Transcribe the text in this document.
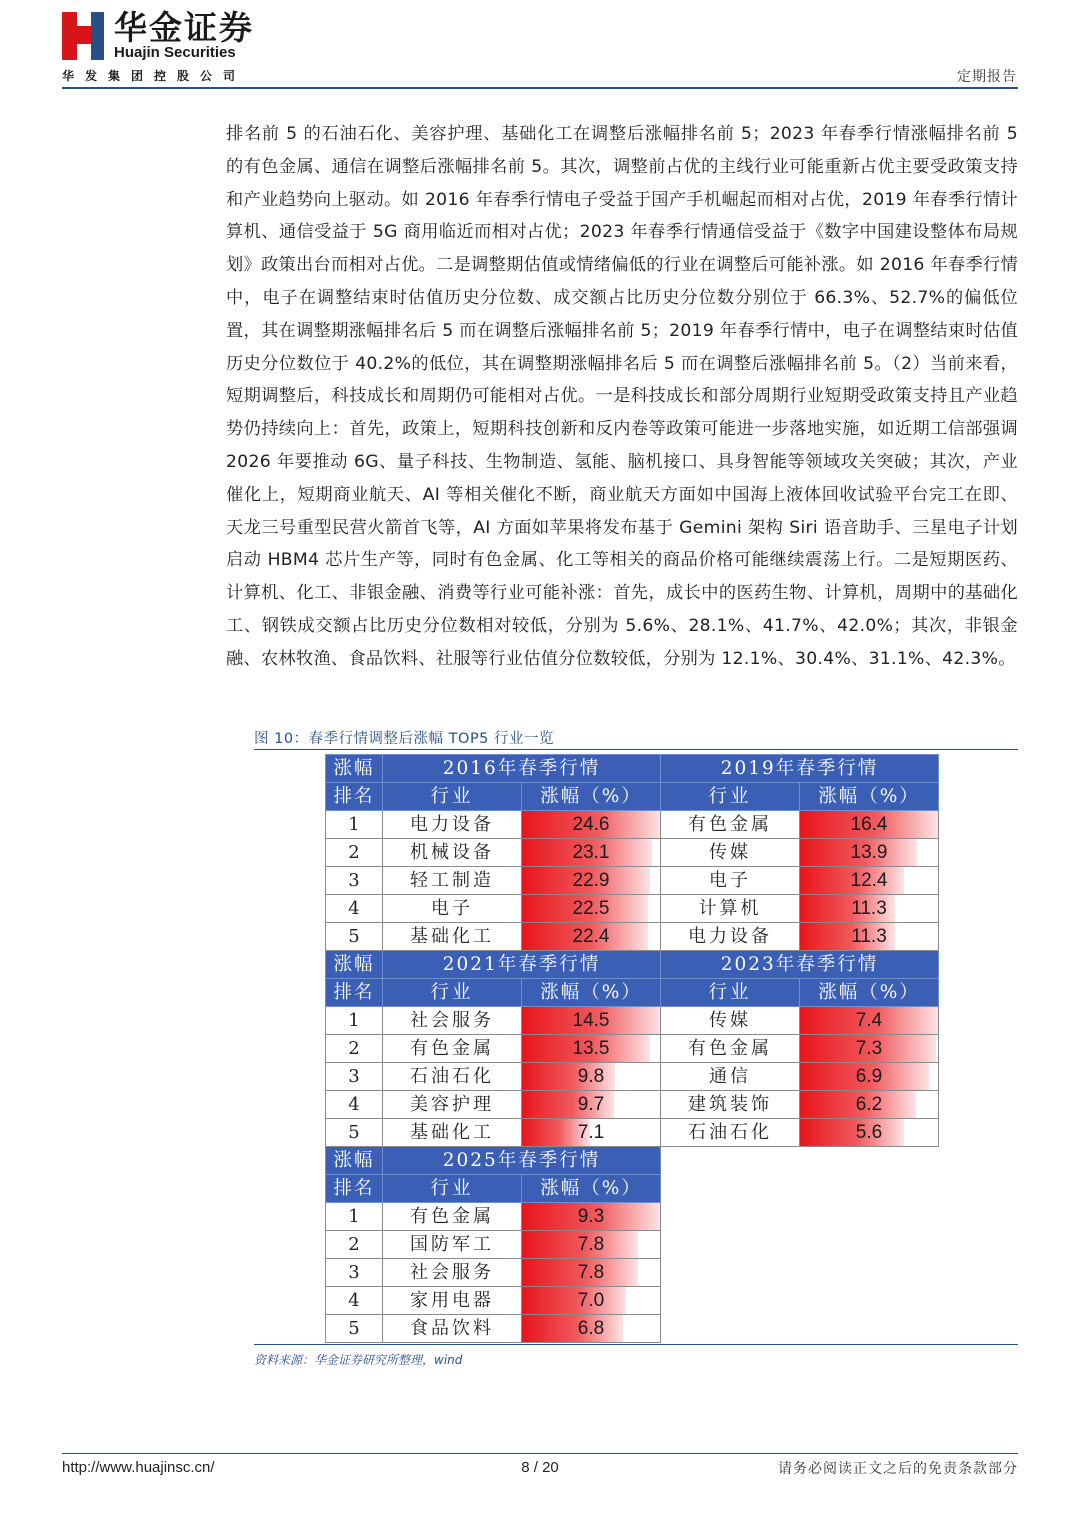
华金证券
Huajin Securities
华发集团控股公司	定期报告
排名前 5 的石油石化、美容护理、基础化工在调整后涨幅排名前 5；2023 年春季行情涨幅排名前 5 的有色金属、通信在调整后涨幅排名前 5。其次，调整前占优的主线行业可能重新占优主要受政策支持和产业趋势向上驱动。如 2016 年春季行情电子受益于国产手机崛起而相对占优，2019 年春季行情计算机、通信受益于 5G 商用临近而相对占优；2023 年春季行情通信受益于《数字中国建设整体布局规划》政策出台而相对占优。二是调整期估值或情绪偏低的行业在调整后可能补涨。如 2016 年春季行情中，电子在调整结束时估值历史分位数、成交额占比历史分位数分别位于 66.3%、52.7%的偏低位置，其在调整期涨幅排名后 5 而在调整后涨幅排名前 5；2019 年春季行情中，电子在调整结束时估值历史分位数位于 40.2%的低位，其在调整期涨幅排名后 5 而在调整后涨幅排名前 5。（2）当前来看，短期调整后，科技成长和周期仍可能相对占优。一是科技成长和部分周期行业短期受政策支持且产业趋势仍持续向上：首先，政策上，短期科技创新和反内卷等政策可能进一步落地实施，如近期工信部强调 2026 年要推动 6G、量子科技、生物制造、氢能、脑机接口、具身智能等领域攻关突破；其次，产业催化上，短期商业航天、AI 等相关催化不断，商业航天方面如中国海上液体回收试验平台完工在即、天龙三号重型民营火箭首飞等，AI 方面如苹果将发布基于 Gemini 架构 Siri 语音助手、三星电子计划启动 HBM4 芯片生产等，同时有色金属、化工等相关的商品价格可能继续震荡上行。二是短期医药、计算机、化工、非银金融、消费等行业可能补涨：首先，成长中的医药生物、计算机，周期中的基础化工、钢铁成交额占比历史分位数相对较低，分别为 5.6%、28.1%、41.7%、42.0%；其次，非银金融、农林牧渔、食品饮料、社服等行业估值分位数较低，分别为 12.1%、30.4%、31.1%、42.3%。
图 10：春季行情调整后涨幅 TOP5 行业一览
涨幅	2016年春季行情		2019年春季行情	
排名	行业	涨幅（%）	行业	涨幅（%）
1	电力设备	24.6	有色金属	16.4
2	机械设备	23.1	传媒	13.9
3	轻工制造	22.9	电子	12.4
4	电子	22.5	计算机	11.3
5	基础化工	22.4	电力设备	11.3
涨幅	2021年春季行情		2023年春季行情	
排名	行业	涨幅（%）	行业	涨幅（%）
1	社会服务	14.5	传媒	7.4
2	有色金属	13.5	有色金属	7.3
3	石油石化	9.8	通信	6.9
4	美容护理	9.7	建筑装饰	6.2
5	基础化工	7.1	石油石化	5.6
涨幅	2025年春季行情			
排名	行业	涨幅（%）		
1	有色金属	9.3		
2	国防军工	7.8		
3	社会服务	7.8		
4	家用电器	7.0		
5	食品饮料	6.8		
资料来源：华金证券研究所整理，wind
http://www.huajinsc.cn/	8 / 20	请务必阅读正文之后的免责条款部分
